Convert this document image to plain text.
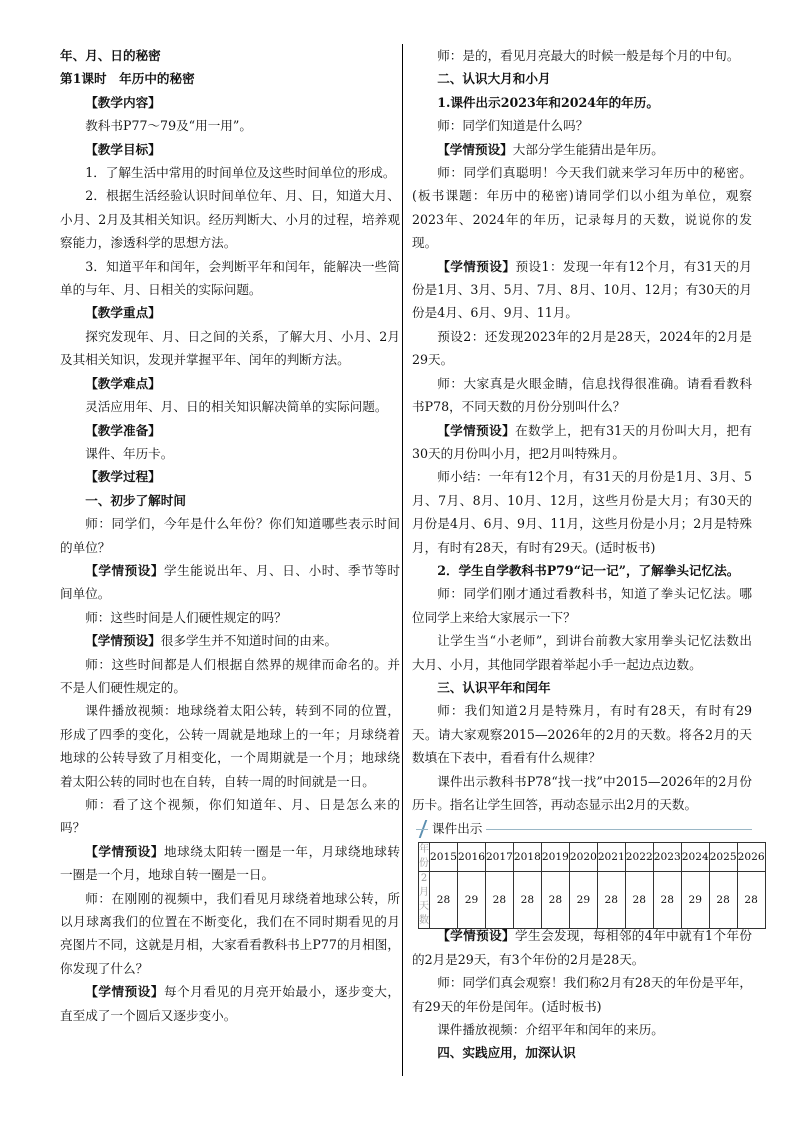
年、月、日的秘密

第1课时　年历中的秘密

【教学内容】

教科书P77～79及“用一用”。

【教学目标】

1．了解生活中常用的时间单位及这些时间单位的形成。

2．根据生活经验认识时间单位年、月、日，知道大月、小月、2月及其相关知识。经历判断大、小月的过程，培养观察能力，渗透科学的思想方法。

3．知道平年和闰年，会判断平年和闰年，能解决一些简单的与年、月、日相关的实际问题。

【教学重点】

探究发现年、月、日之间的关系，了解大月、小月、2月及其相关知识，发现并掌握平年、闰年的判断方法。

【教学难点】

灵活应用年、月、日的相关知识解决简单的实际问题。

【教学准备】

课件、年历卡。

【教学过程】

一、初步了解时间

师：同学们，今年是什么年份？你们知道哪些表示时间的单位？

【学情预设】学生能说出年、月、日、小时、季节等时间单位。

师：这些时间是人们硬性规定的吗？

【学情预设】很多学生并不知道时间的由来。

师：这些时间都是人们根据自然界的规律而命名的。并不是人们硬性规定的。

课件播放视频：地球绕着太阳公转，转到不同的位置，形成了四季的变化，公转一周就是地球上的一年；月球绕着地球的公转导致了月相变化，一个周期就是一个月；地球绕着太阳公转的同时也在自转，自转一周的时间就是一日。

师：看了这个视频，你们知道年、月、日是怎么来的吗？

【学情预设】地球绕太阳转一圈是一年，月球绕地球转一圈是一个月，地球自转一圈是一日。

师：在刚刚的视频中，我们看见月球绕着地球公转，所以月球离我们的位置在不断变化，我们在不同时期看见的月亮图片不同，这就是月相，大家看看教科书上P77的月相图，你发现了什么？

【学情预设】每个月看见的月亮开始最小，逐步变大，直至成了一个圆后又逐步变小。

师：是的，看见月亮最大的时候一般是每个月的中旬。

二、认识大月和小月

1.课件出示2023年和2024年的年历。

师：同学们知道是什么吗？

【学情预设】大部分学生能猜出是年历。

师：同学们真聪明！今天我们就来学习年历中的秘密。(板书课题：年历中的秘密)请同学们以小组为单位，观察2023年、2024年的年历，记录每月的天数，说说你的发现。

【学情预设】预设1：发现一年有12个月，有31天的月份是1月、3月、5月、7月、8月、10月、12月；有30天的月份是4月、6月、9月、11月。

预设2：还发现2023年的2月是28天，2024年的2月是29天。

师：大家真是火眼金睛，信息找得很准确。请看看教科书P78，不同天数的月份分别叫什么？

【学情预设】在数学上，把有31天的月份叫大月，把有30天的月份叫小月，把2月叫特殊月。

师小结：一年有12个月，有31天的月份是1月、3月、5月、7月、8月、10月、12月，这些月份是大月；有30天的月份是4月、6月、9月、11月，这些月份是小月；2月是特殊月，有时有28天，有时有29天。(适时板书)

2．学生自学教科书P79“记一记”，了解拳头记忆法。

师：同学们刚才通过看教科书，知道了拳头记忆法。哪位同学上来给大家展示一下？

让学生当“小老师”，到讲台前教大家用拳头记忆法数出大月、小月，其他同学跟着举起小手一起边点边数。

三、认识平年和闰年

师：我们知道2月是特殊月，有时有28天，有时有29天。请大家观察2015—2026年的2月的天数。将各2月的天数填在下表中，看看有什么规律？

课件出示教科书P78“找一找”中2015—2026年的2月份历卡。指名让学生回答，再动态显示出2月的天数。

课件出示
年份	2015	2016	2017	2018	2019	2020	2021	2022	2023	2024	2025	2026
2月天数	28	29	28	28	28	29	28	28	28	29	28	28

【学情预设】学生会发现，每相邻的4年中就有1个年份的2月是29天，有3个年份的2月是28天。

师：同学们真会观察！我们称2月有28天的年份是平年，有29天的年份是闰年。(适时板书)

课件播放视频：介绍平年和闰年的来历。

四、实践应用，加深认识
